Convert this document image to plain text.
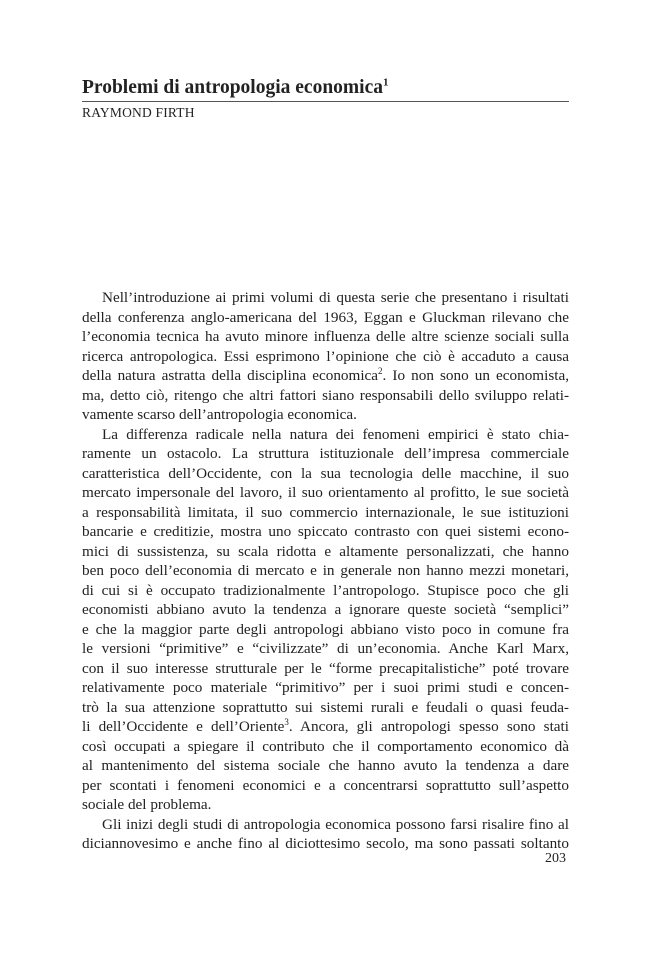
Problemi di antropologia economica$^1$
RAYMOND FIRTH
Nell’introduzione ai primi volumi di questa serie che presentano i risultati
della conferenza anglo-americana del 1963, Eggan e Gluckman rilevano che
l’economia tecnica ha avuto minore influenza delle altre scienze sociali sulla
ricerca antropologica. Essi esprimono l’opinione che ciò è accaduto a causa
della natura astratta della disciplina economica$^2$. Io non sono un economista,
ma, detto ciò, ritengo che altri fattori siano responsabili dello sviluppo relati-
vamente scarso dell’antropologia economica.
La differenza radicale nella natura dei fenomeni empirici è stato chia-
ramente un ostacolo. La struttura istituzionale dell’impresa commerciale
caratteristica dell’Occidente, con la sua tecnologia delle macchine, il suo
mercato impersonale del lavoro, il suo orientamento al profitto, le sue società
a responsabilità limitata, il suo commercio internazionale, le sue istituzioni
bancarie e creditizie, mostra uno spiccato contrasto con quei sistemi econo-
mici di sussistenza, su scala ridotta e altamente personalizzati, che hanno
ben poco dell’economia di mercato e in generale non hanno mezzi monetari,
di cui si è occupato tradizionalmente l’antropologo. Stupisce poco che gli
economisti abbiano avuto la tendenza a ignorare queste società “semplici”
e che la maggior parte degli antropologi abbiano visto poco in comune fra
le versioni “primitive” e “civilizzate” di un’economia. Anche Karl Marx,
con il suo interesse strutturale per le “forme precapitalistiche” poté trovare
relativamente poco materiale “primitivo” per i suoi primi studi e concen-
trò la sua attenzione soprattutto sui sistemi rurali e feudali o quasi feuda-
li dell’Occidente e dell’Oriente$^3$. Ancora, gli antropologi spesso sono stati
così occupati a spiegare il contributo che il comportamento economico dà
al mantenimento del sistema sociale che hanno avuto la tendenza a dare
per scontati i fenomeni economici e a concentrarsi soprattutto sull’aspetto
sociale del problema.
Gli inizi degli studi di antropologia economica possono farsi risalire fino al
diciannovesimo e anche fino al diciottesimo secolo, ma sono passati soltanto
203
